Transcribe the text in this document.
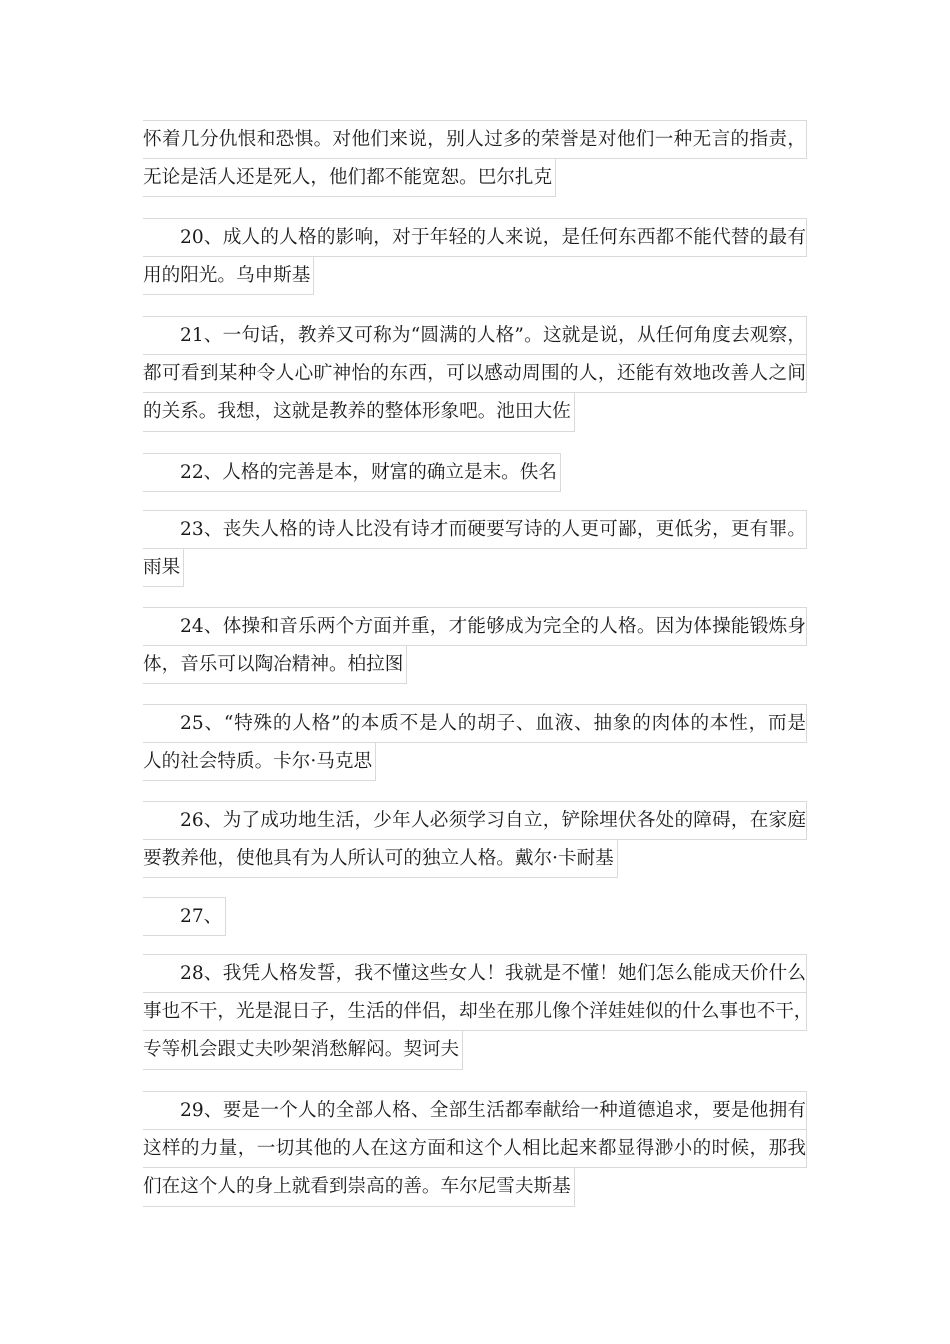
怀着几分仇恨和恐惧。对他们来说，别人过多的荣誉是对他们一种无言的指责，
无论是活人还是死人，他们都不能宽恕。巴尔扎克
20、成人的人格的影响，对于年轻的人来说，是任何东西都不能代替的最有
用的阳光。乌申斯基
21、一句话，教养又可称为“圆满的人格”。这就是说，从任何角度去观察，
都可看到某种令人心旷神怡的东西，可以感动周围的人，还能有效地改善人之间
的关系。我想，这就是教养的整体形象吧。池田大佐
22、人格的完善是本，财富的确立是末。佚名
23、丧失人格的诗人比没有诗才而硬要写诗的人更可鄙，更低劣，更有罪。
雨果
24、体操和音乐两个方面并重，才能够成为完全的人格。因为体操能锻炼身
体，音乐可以陶冶精神。柏拉图
25、“特殊的人格”的本质不是人的胡子、血液、抽象的肉体的本性，而是
人的社会特质。卡尔·马克思
26、为了成功地生活，少年人必须学习自立，铲除埋伏各处的障碍，在家庭
要教养他，使他具有为人所认可的独立人格。戴尔·卡耐基
27、
28、我凭人格发誓，我不懂这些女人！我就是不懂！她们怎么能成天价什么
事也不干，光是混日子，生活的伴侣，却坐在那儿像个洋娃娃似的什么事也不干，
专等机会跟丈夫吵架消愁解闷。契诃夫
29、要是一个人的全部人格、全部生活都奉献给一种道德追求，要是他拥有
这样的力量，一切其他的人在这方面和这个人相比起来都显得渺小的时候，那我
们在这个人的身上就看到崇高的善。车尔尼雪夫斯基
